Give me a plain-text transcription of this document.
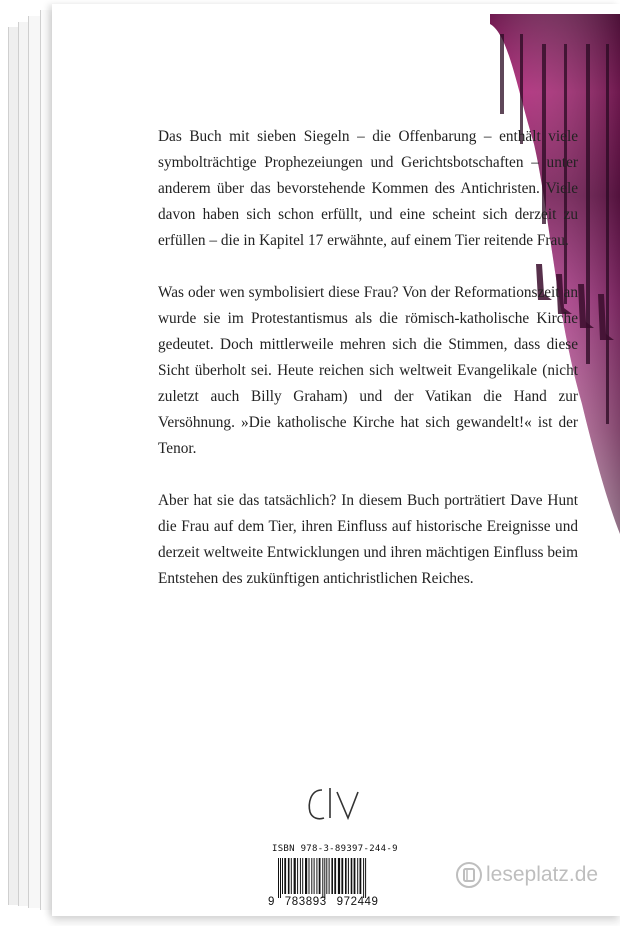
Das Buch mit sieben Siegeln – die Offenbarung – enthält viele symbolträchtige Prophezeiungen und Gerichtsbotschaften – unter anderem über das bevorstehende Kommen des Antichristen. Viele davon haben sich schon erfüllt, und eine scheint sich derzeit zu erfüllen – die in Kapitel 17 erwähnte, auf einem Tier reitende Frau.

Was oder wen symbolisiert diese Frau? Von der Reformationszeit an wurde sie im Protestantismus als die römisch-katholische Kirche gedeutet. Doch mittlerweile mehren sich die Stimmen, dass diese Sicht überholt sei. Heute reichen sich weltweit Evangelikale (nicht zuletzt auch Billy Graham) und der Vatikan die Hand zur Versöhnung. »Die katholische Kirche hat sich gewandelt!« ist der Tenor.

Aber hat sie das tatsächlich? In diesem Buch porträtiert Dave Hunt die Frau auf dem Tier, ihren Einfluss auf historische Ereignisse und derzeit weltweite Entwicklungen und ihren mächtigen Einfluss beim Entstehen des zukünftigen antichristlichen Reiches.

ISBN 978-3-89397-244-9
9 783893 972449
leseplatz.de
